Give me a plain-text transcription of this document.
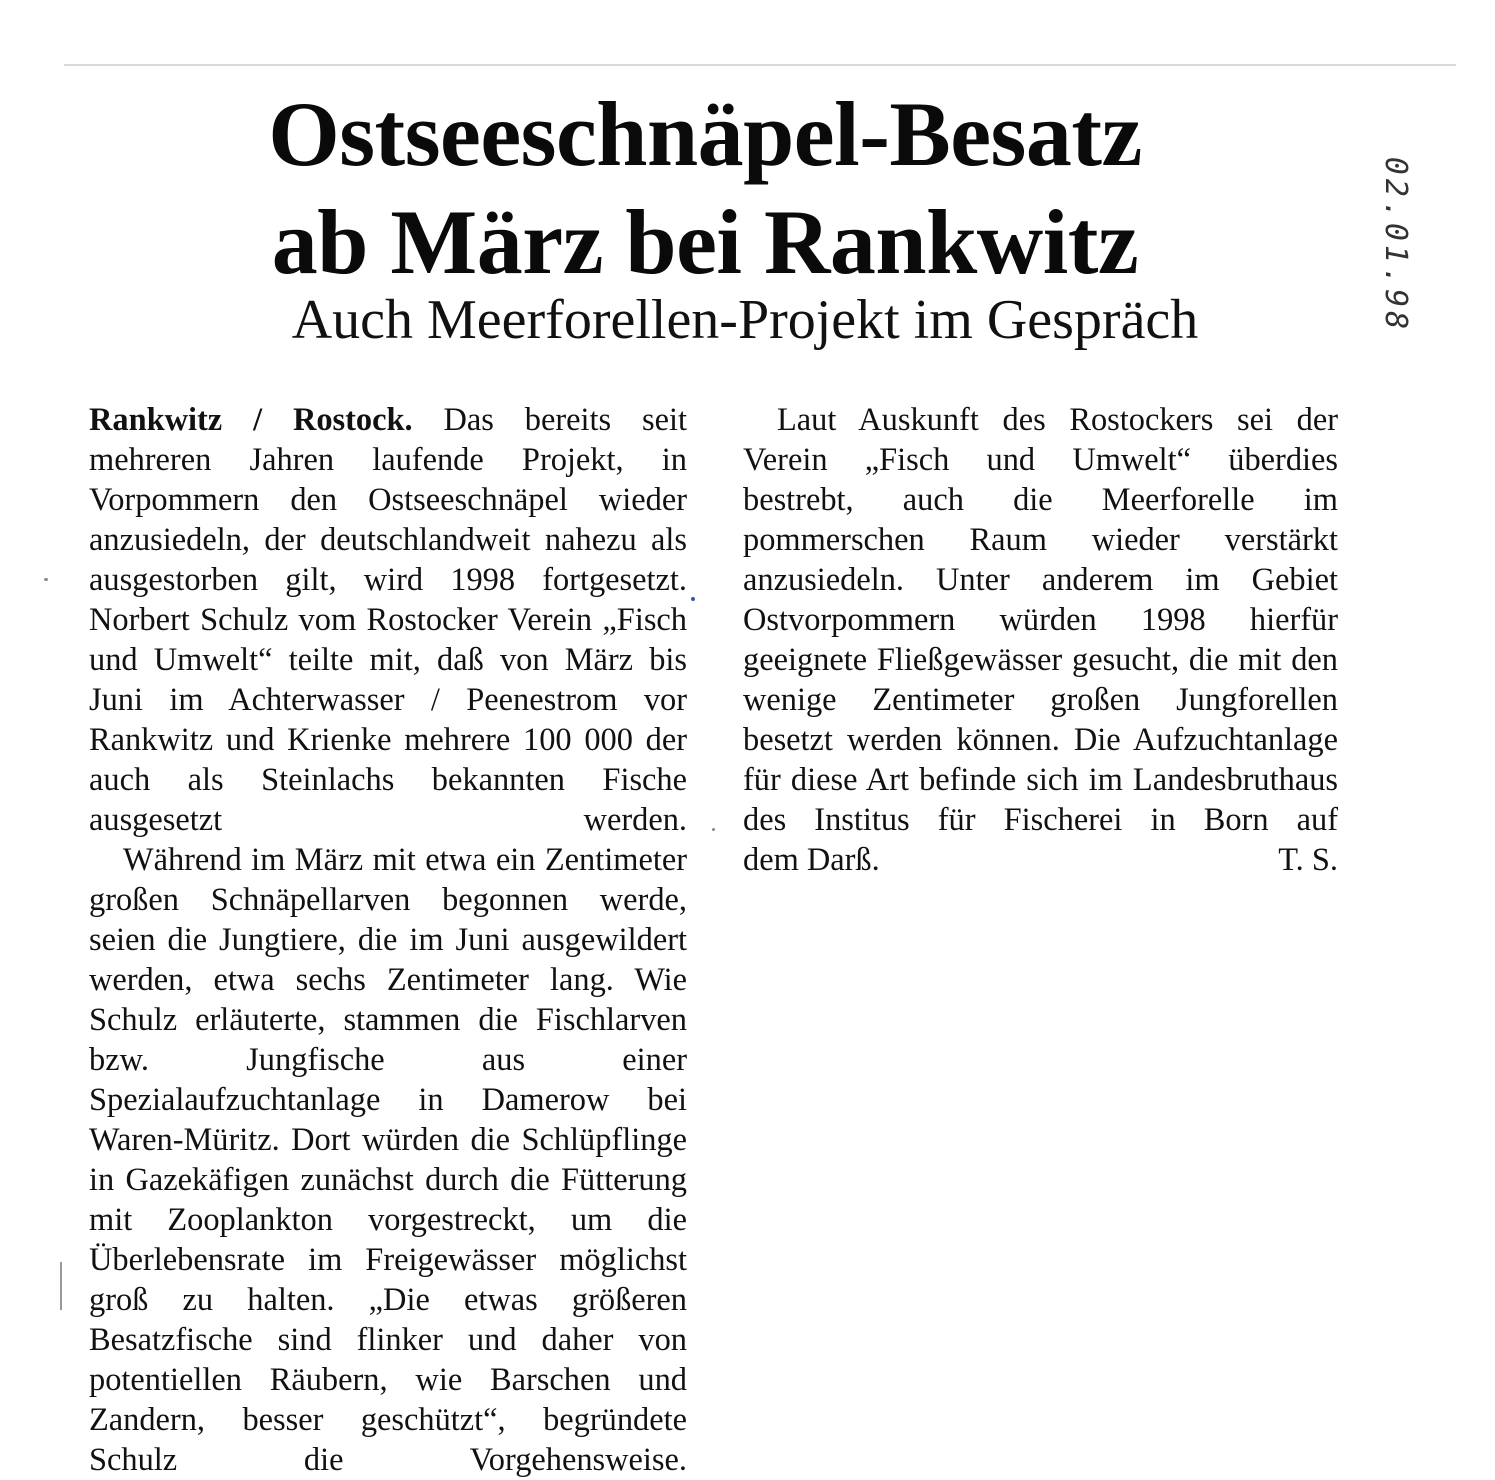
Ostseeschnäpel-Besatz
ab März bei Rankwitz
Auch Meerforellen-Projekt im Gespräch	02.01.98

Rankwitz / Rostock. Das bereits seit mehreren Jahren laufende Projekt, in Vorpommern den Ostseeschnäpel wieder anzusiedeln, der deutschlandweit nahezu als ausgestorben gilt, wird 1998 fortgesetzt. Norbert Schulz vom Rostocker Verein „Fisch und Umwelt“ teilte mit, daß von März bis Juni im Achterwasser / Peenestrom vor Rankwitz und Krienke mehrere 100 000 der auch als Steinlachs bekannten Fische ausgesetzt werden.

Während im März mit etwa ein Zentimeter großen Schnäpellarven begonnen werde, seien die Jungtiere, die im Juni ausgewildert werden, etwa sechs Zentimeter lang. Wie Schulz erläuterte, stammen die Fischlarven bzw. Jungfische aus einer Spezialaufzuchtanlage in Damerow bei Waren-Müritz. Dort würden die Schlüpflinge in Gazekäfigen zunächst durch die Fütterung mit Zooplankton vorgestreckt, um die Überlebensrate im Freigewässer möglichst groß zu halten. „Die etwas größeren Besatzfische sind flinker und daher von potentiellen Räubern, wie Barschen und Zandern, besser geschützt“, begründete Schulz die Vorgehensweise.

Laut Auskunft des Rostockers sei der Verein „Fisch und Umwelt“ überdies bestrebt, auch die Meerforelle im pommerschen Raum wieder verstärkt anzusiedeln. Unter anderem im Gebiet Ostvorpommern würden 1998 hierfür geeignete Fließgewässer gesucht, die mit den wenige Zentimeter großen Jungforellen besetzt werden können. Die Aufzuchtanlage für diese Art befinde sich im Landesbruthaus des Institus für Fischerei in Born auf

dem Darß.	T. S.
